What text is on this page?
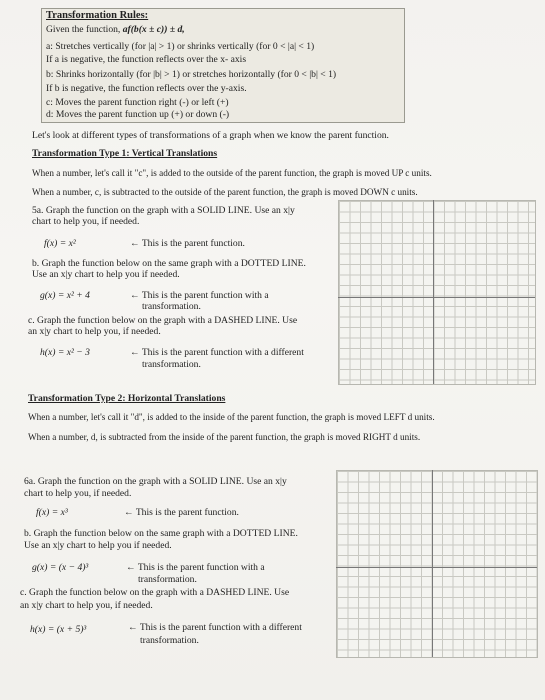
Transformation Rules:
Given the function, af(b(x ± c)) ± d,
a: Stretches vertically (for |a| > 1) or shrinks vertically (for 0 < |a| < 1)
If a is negative, the function reflects over the x- axis
b: Shrinks horizontally (for |b| > 1) or stretches horizontally (for 0 < |b| < 1)
If b is negative, the function reflects over the y-axis.
c: Moves the parent function right (-) or left (+)
d: Moves the parent function up (+) or down (-)
Let's look at different types of transformations of a graph when we know the parent function.
Transformation Type 1: Vertical Translations
When a number, let's call it "c", is added to the outside of the parent function, the graph is moved UP c units.
When a number, c, is subtracted to the outside of the parent function, the graph is moved DOWN c units.
5a. Graph the function on the graph with a SOLID LINE. Use an x|y
chart to help you, if needed.
f(x) = x²	← This is the parent function.
b. Graph the function below on the same graph with a DOTTED LINE.
Use an x|y chart to help you if needed.
g(x) = x² + 4	← This is the parent function with a
transformation.
c. Graph the function below on the graph with a DASHED LINE. Use
an x|y chart to help you, if needed.
h(x) = x² − 3	← This is the parent function with a different
transformation.
Transformation Type 2: Horizontal Translations
When a number, let's call it "d", is added to the inside of the parent function, the graph is moved LEFT d units.
When a number, d, is subtracted from the inside of the parent function, the graph is moved RIGHT d units.
6a. Graph the function on the graph with a SOLID LINE. Use an x|y
chart to help you, if needed.
f(x) = x³	← This is the parent function.
b. Graph the function below on the same graph with a DOTTED LINE.
Use an x|y chart to help you if needed.
g(x) = (x − 4)³	← This is the parent function with a
transformation.
c. Graph the function below on the graph with a DASHED LINE. Use
an x|y chart to help you, if needed.
h(x) = (x + 5)³	← This is the parent function with a different
transformation.
